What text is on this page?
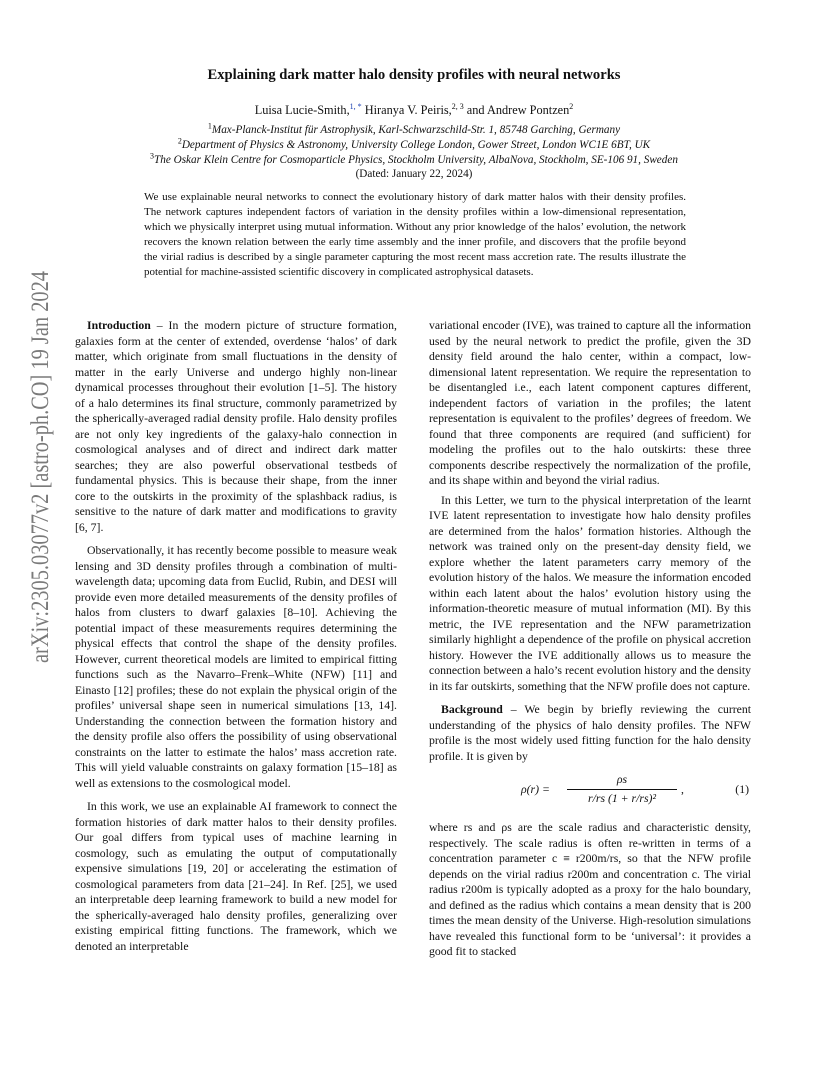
arXiv:2305.03077v2 [astro-ph.CO] 19 Jan 2024
Explaining dark matter halo density profiles with neural networks
Luisa Lucie-Smith,$^{1, *}$ Hiranya V. Peiris,$^{2, 3}$ and Andrew Pontzen$^2$
$^1$Max-Planck-Institut für Astrophysik, Karl-Schwarzschild-Str. 1, 85748 Garching, Germany
$^2$Department of Physics & Astronomy, University College London, Gower Street, London WC1E 6BT, UK
$^3$The Oskar Klein Centre for Cosmoparticle Physics, Stockholm University, AlbaNova, Stockholm, SE-106 91, Sweden
(Dated: January 22, 2024)
We use explainable neural networks to connect the evolutionary history of dark matter halos with their density profiles. The network captures independent factors of variation in the density profiles within a low-dimensional representation, which we physically interpret using mutual information. Without any prior knowledge of the halos’ evolution, the network recovers the known relation between the early time assembly and the inner profile, and discovers that the profile beyond the virial radius is described by a single parameter capturing the most recent mass accretion rate. The results illustrate the potential for machine-assisted scientific discovery in complicated astrophysical datasets.

Introduction – In the modern picture of structure formation, galaxies form at the center of extended, overdense ‘halos’ of dark matter, which originate from small fluctuations in the density of matter in the early Universe and undergo highly non-linear dynamical processes throughout their evolution [1–5]. The history of a halo determines its final structure, commonly parametrized by the spherically-averaged radial density profile. Halo density profiles are not only key ingredients of the galaxy-halo connection in cosmological analyses and of direct and indirect dark matter searches; they are also powerful observational testbeds of fundamental physics. This is because their shape, from the inner core to the outskirts in the proximity of the splashback radius, is sensitive to the nature of dark matter and modifications to gravity [6, 7].

Observationally, it has recently become possible to measure weak lensing and 3D density profiles through a combination of multi-wavelength data; upcoming data from Euclid, Rubin, and DESI will provide even more detailed measurements of the density profiles of halos from clusters to dwarf galaxies [8–10]. Achieving the potential impact of these measurements requires determining the physical effects that control the shape of the density profiles. However, current theoretical models are limited to empirical fitting functions such as the Navarro–Frenk–White (NFW) [11] and Einasto [12] profiles; these do not explain the physical origin of the profiles’ universal shape seen in numerical simulations [13, 14]. Understanding the connection between the formation history and the density profile also offers the possibility of using observational constraints on the latter to estimate the halos’ mass accretion rate. This will yield valuable constraints on galaxy formation [15–18] as well as extensions to the cosmological model.

In this work, we use an explainable AI framework to connect the formation histories of dark matter halos to their density profiles. Our goal differs from typical uses of machine learning in cosmology, such as emulating the output of computationally expensive simulations [19, 20] or accelerating the estimation of cosmological parameters from data [21–24]. In Ref. [25], we used an interpretable deep learning framework to build a new model for the spherically-averaged halo density profiles, generalizing over existing empirical fitting functions. The framework, which we denoted an interpretable

variational encoder (IVE), was trained to capture all the information used by the neural network to predict the profile, given the 3D density field around the halo center, within a compact, low-dimensional latent representation. We require the representation to be disentangled i.e., each latent component captures different, independent factors of variation in the profiles; the latent representation is equivalent to the profiles’ degrees of freedom. We found that three components are required (and sufficient) for modeling the profiles out to the halo outskirts: these three components describe respectively the normalization of the profile, and its shape within and beyond the virial radius.

In this Letter, we turn to the physical interpretation of the learnt IVE latent representation to investigate how halo density profiles are determined from the halos’ formation histories. Although the network was trained only on the present-day density field, we explore whether the latent parameters carry memory of the evolution history of the halos. We measure the information encoded within each latent about the halos’ evolution history using the information-theoretic measure of mutual information (MI). By this metric, the IVE representation and the NFW parametrization similarly highlight a dependence of the profile on physical accretion history. However the IVE additionally allows us to measure the connection between a halo’s recent evolution history and the density in its far outskirts, something that the NFW profile does not capture.

Background – We begin by briefly reviewing the current understanding of the physics of halo density profiles. The NFW profile is the most widely used fitting function for the halo density profile. It is given by

$\rho(r) = \frac{\rho s}{\text{r/rs (1 + r/rs)²}}$ ,	(1)

where rs and ρs are the scale radius and characteristic density, respectively. The scale radius is often re-written in terms of a concentration parameter c ≡ r200m/rs, so that the NFW profile depends on the virial radius r200m and concentration c. The virial radius r200m is typically adopted as a proxy for the halo boundary, and defined as the radius which contains a mean density that is 200 times the mean density of the Universe. High-resolution simulations have revealed this functional form to be ‘universal’: it provides a good fit to stacked
